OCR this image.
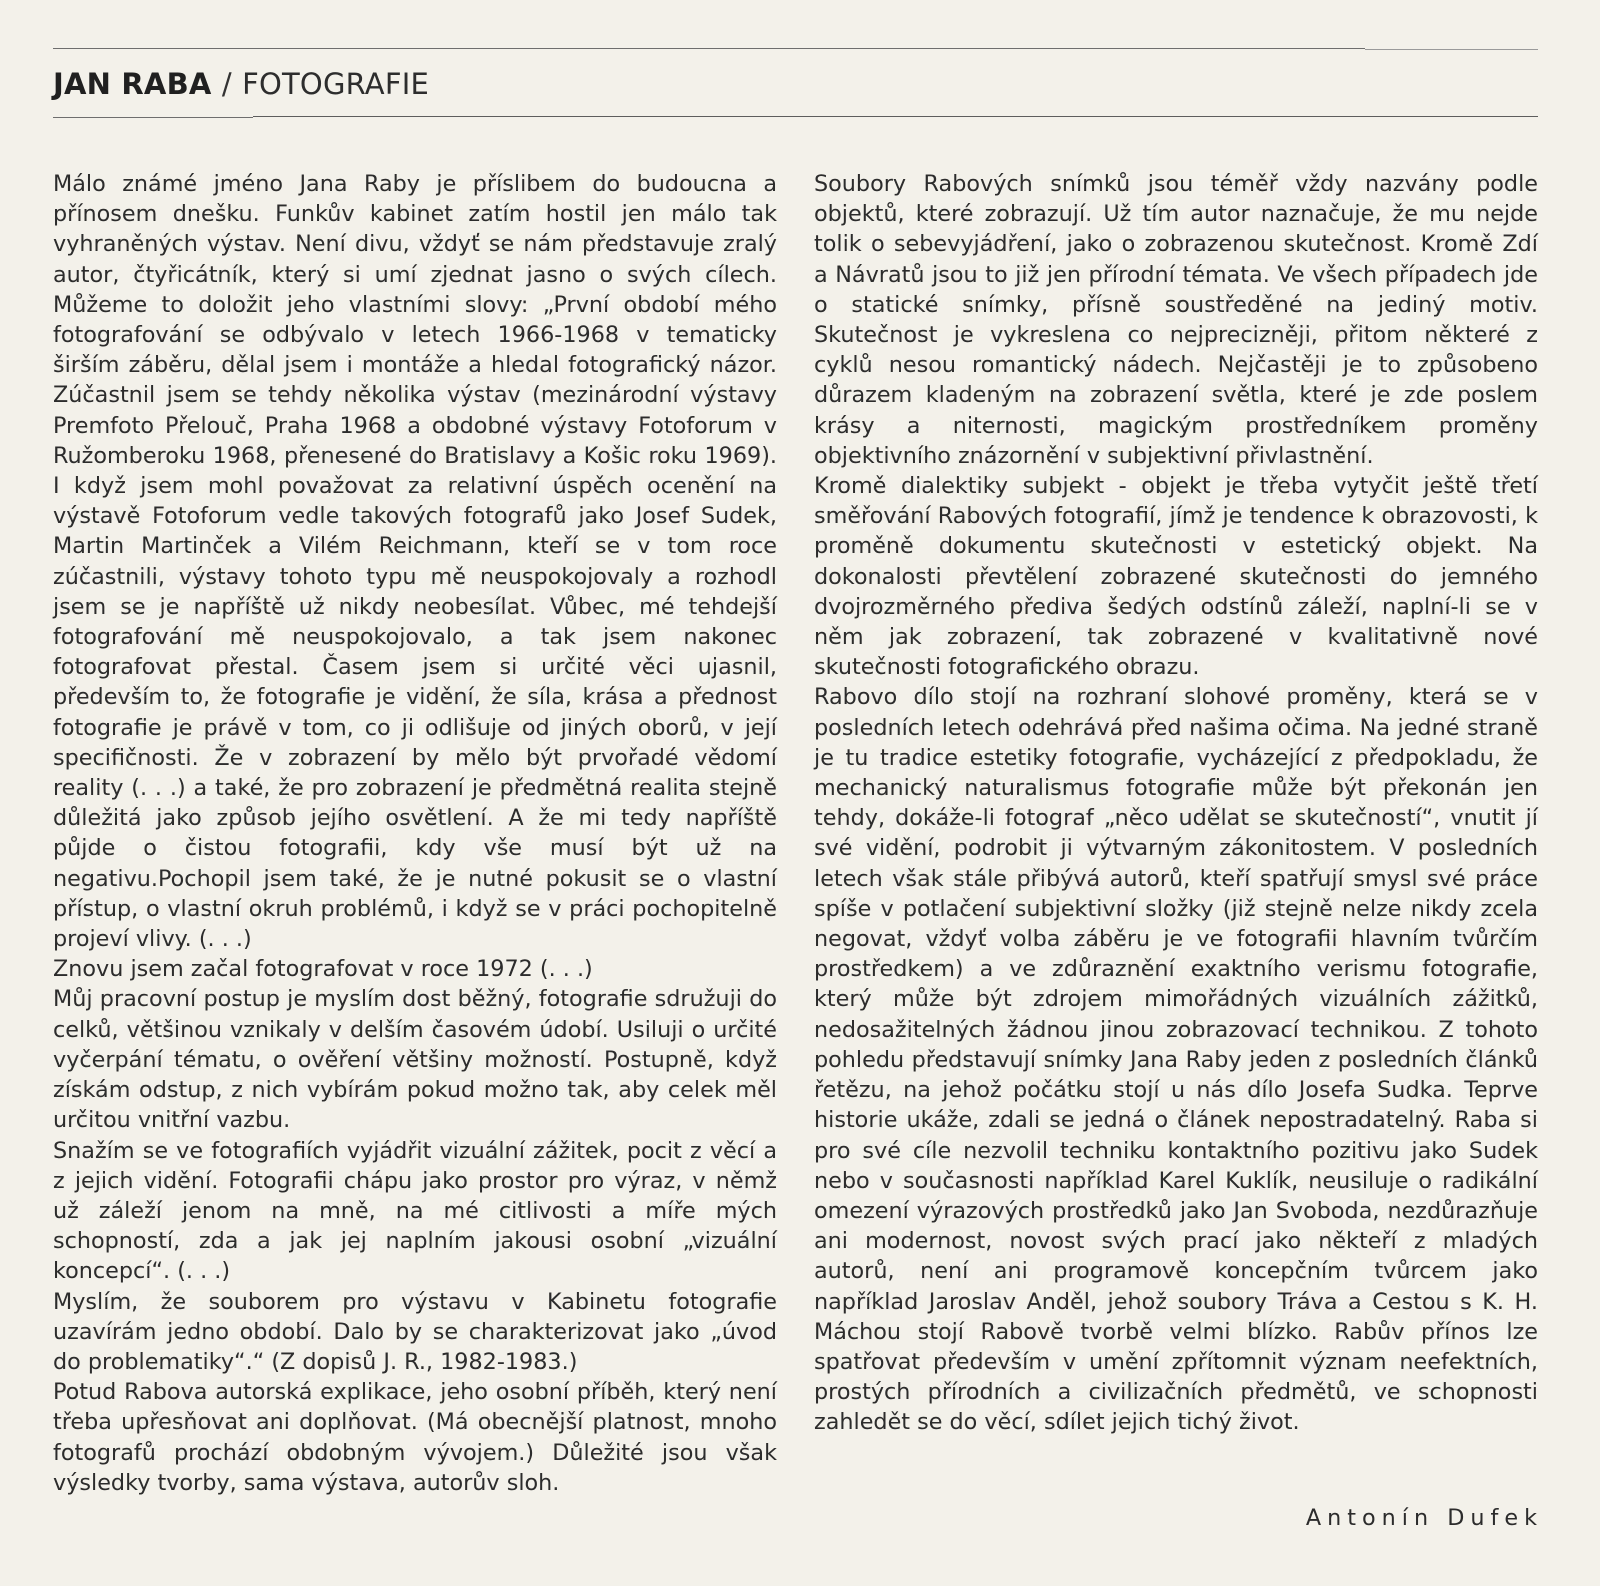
JAN RABA / FOTOGRAFIE

Málo známé jméno Jana Raby je příslibem do budoucna a přínosem dnešku. Funkův kabinet zatím hostil jen málo tak vyhraněných výstav. Není divu, vždyť se nám představuje zralý autor, čtyřicátník, který si umí zjednat jasno o svých cílech. Můžeme to doložit jeho vlastními slovy: „První období mého fotografování se odbývalo v letech 1966-1968 v tematicky širším záběru, dělal jsem i montáže a hledal fotografický názor. Zúčastnil jsem se tehdy několika výstav (mezinárodní výstavy Premfoto Přelouč, Praha 1968 a obdobné výstavy Fotoforum v Ružomberoku 1968, přenesené do Bratislavy a Košic roku 1969). I když jsem mohl považovat za relativní úspěch ocenění na výstavě Fotoforum vedle takových fotografů jako Josef Sudek, Martin Martinček a Vilém Reichmann, kteří se v tom roce zúčastnili, výstavy tohoto typu mě neuspokojovaly a rozhodl jsem se je napříště už nikdy neobesílat. Vůbec, mé tehdejší fotografování mě neuspokojovalo, a tak jsem nakonec fotografovat přestal. Časem jsem si určité věci ujasnil, především to, že fotografie je vidění, že síla, krása a přednost fotografie je právě v tom, co ji odlišuje od jiných oborů, v její specifičnosti. Že v zobrazení by mělo být prvořadé vědomí reality (. . .) a také, že pro zobrazení je předmětná realita stejně důležitá jako způsob jejího osvětlení. A že mi tedy napříště půjde o čistou fotografii, kdy vše musí být už na negativu.Pochopil jsem také, že je nutné pokusit se o vlastní přístup, o vlastní okruh problémů, i když se v práci pochopitelně projeví vlivy. (. . .)

Znovu jsem začal fotografovat v roce 1972 (. . .)

Můj pracovní postup je myslím dost běžný, fotografie sdružuji do celků, většinou vznikaly v delším časovém údobí. Usiluji o určité vyčerpání tématu, o ověření většiny možností. Postupně, když získám odstup, z nich vybírám pokud možno tak, aby celek měl určitou vnitřní vazbu.

Snažím se ve fotografiích vyjádřit vizuální zážitek, pocit z věcí a z jejich vidění. Fotografii chápu jako prostor pro výraz, v němž už záleží jenom na mně, na mé citlivosti a míře mých schopností, zda a jak jej naplním jakousi osobní „vizuální koncepcí“. (. . .)

Myslím, že souborem pro výstavu v Kabinetu fotografie uzavírám jedno období. Dalo by se charakterizovat jako „úvod do problematiky“.“ (Z dopisů J. R., 1982-1983.)

Potud Rabova autorská explikace, jeho osobní příběh, který není třeba upřesňovat ani doplňovat. (Má obecnější platnost, mnoho fotografů prochází obdobným vývojem.) Důležité jsou však výsledky tvorby, sama výstava, autorův sloh.

Soubory Rabových snímků jsou téměř vždy nazvány podle objektů, které zobrazují. Už tím autor naznačuje, že mu nejde tolik o sebevyjádření, jako o zobrazenou skutečnost. Kromě Zdí a Návratů jsou to již jen přírodní témata. Ve všech případech jde o statické snímky, přísně soustředěné na jediný motiv. Skutečnost je vykreslena co nejprecizněji, přitom některé z cyklů nesou romantický nádech. Nejčastěji je to způsobeno důrazem kladeným na zobrazení světla, které je zde poslem krásy a niternosti, magickým prostředníkem proměny objektivního znázornění v subjektivní přivlastnění.

Kromě dialektiky subjekt - objekt je třeba vytyčit ještě třetí směřování Rabových fotografií, jímž je tendence k obrazovosti, k proměně dokumentu skutečnosti v estetický objekt. Na dokonalosti převtělení zobrazené skutečnosti do jemného dvojrozměrného přediva šedých odstínů záleží, naplní-li se v něm jak zobrazení, tak zobrazené v kvalitativně nové skutečnosti fotografického obrazu.

Rabovo dílo stojí na rozhraní slohové proměny, která se v posledních letech odehrává před našima očima. Na jedné straně je tu tradice estetiky fotografie, vycházející z předpokladu, že mechanický naturalismus fotografie může být překonán jen tehdy, dokáže-li fotograf „něco udělat se skutečností“, vnutit jí své vidění, podrobit ji výtvarným zákonitostem. V posledních letech však stále přibývá autorů, kteří spatřují smysl své práce spíše v potlačení subjektivní složky (již stejně nelze nikdy zcela negovat, vždyť volba záběru je ve fotografii hlavním tvůrčím prostředkem) a ve zdůraznění exaktního verismu fotografie, který může být zdrojem mimořádných vizuálních zážitků, nedosažitelných žádnou jinou zobrazovací technikou. Z tohoto pohledu představují snímky Jana Raby jeden z posledních článků řetězu, na jehož počátku stojí u nás dílo Josefa Sudka. Teprve historie ukáže, zdali se jedná o článek nepostradatelný. Raba si pro své cíle nezvolil techniku kontaktního pozitivu jako Sudek nebo v současnosti například Karel Kuklík, neusiluje o radikální omezení výrazových prostředků jako Jan Svoboda, nezdůrazňuje ani modernost, novost svých prací jako někteří z mladých autorů, není ani programově koncepčním tvůrcem jako například Jaroslav Anděl, jehož soubory Tráva a Cestou s K. H. Máchou stojí Rabově tvorbě velmi blízko. Rabův přínos lze spatřovat především v umění zpřítomnit význam neefektních, prostých přírodních a civilizačních předmětů, ve schopnosti zahledět se do věcí, sdílet jejich tichý život.

Antonín Dufek
